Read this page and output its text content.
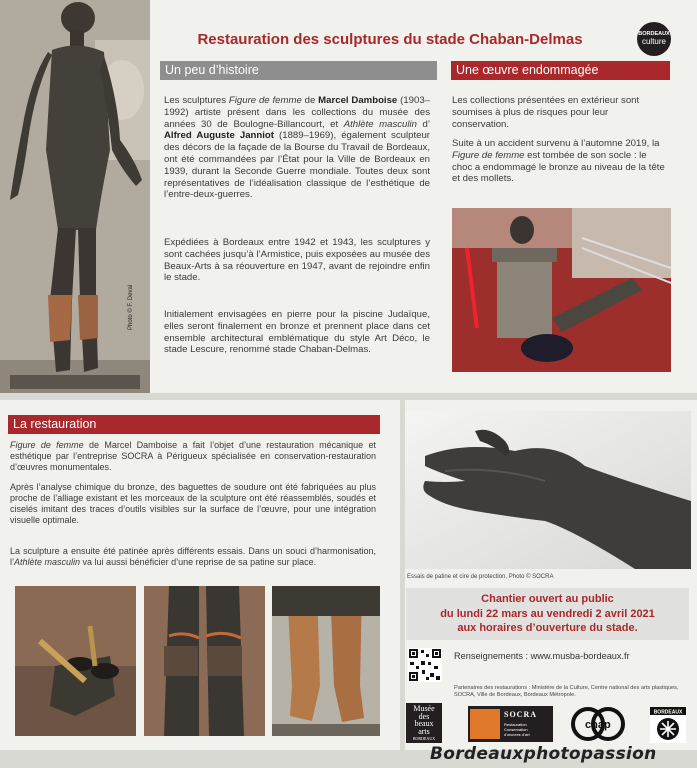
Photo © F. Deval
Restauration des sculptures du stade Chaban-Delmas	BORDEAUX
culture
Un peu d’histoire	Une œuvre endommagée

Les sculptures Figure de femme de Marcel Damboise (1903–1992) artiste présent dans les collections du musée des années 30 de Boulogne-Billancourt, et Athlète masculin d’ Alfred Auguste Janniot (1889–1969), également sculpteur des décors de la façade de la Bourse du Travail de Bordeaux, ont été commandées par l’État pour la Ville de Bordeaux en 1939, durant la Seconde Guerre mondiale. Toutes deux sont représentatives de l’idéalisation classique de l’esthétique de l’entre-deux-guerres.

Expédiées à Bordeaux entre 1942 et 1943, les sculptures y sont cachées jusqu’à l’Armistice, puis exposées au musée des Beaux-Arts à sa réouverture en 1947, avant de rejoindre enfin le stade.

Initialement envisagées en pierre pour la piscine Judaïque, elles seront finalement en bronze et prennent place dans cet ensemble architectural emblématique du style Art Déco, le stade Lescure, renommé stade Chaban-Delmas.

Les collections présentées en extérieur sont soumises à plus de risques pour leur conservation.

Suite à un accident survenu à l’automne 2019, la Figure de femme est tombée de son socle : le choc a endommagé le bronze au niveau de la tête et des mollets.

La restauration

Figure de femme de Marcel Damboise a fait l’objet d’une restauration mécanique et esthétique par l’entreprise SOCRA à Périgueux spécialisée en conservation-restauration d’œuvres monumentales.

Après l’analyse chimique du bronze, des baguettes de soudure ont été fabriquées au plus proche de l’alliage existant et les morceaux de la sculpture ont été réassemblés, soudés et ciselés imitant des traces d’outils visibles sur la surface de l’œuvre, pour une intégration visuelle optimale.

La sculpture a ensuite été patinée après différents essais. Dans un souci d’harmonisation, l’Athlète masculin va lui aussi bénéficier d’une reprise de sa patine sur place.

Essais de patine et cire de protection, Photo © SOCRA
Chantier ouvert au public
du lundi 22 mars au vendredi 2 avril 2021
aux horaires d’ouverture du stade.
Renseignements : www.musba-bordeaux.fr
Partenaires des restaurations : Ministère de la Culture, Centre national des arts plastiques, SOCRA, Ville de Bordeaux, Bordeaux Métropole.
Musée
des
beaux
arts
BORDEAUX
SOCRA
Restauration
Conservation
d’œuvres d’art
cnap
BORDEAUX
Bordeauxphotopassion
